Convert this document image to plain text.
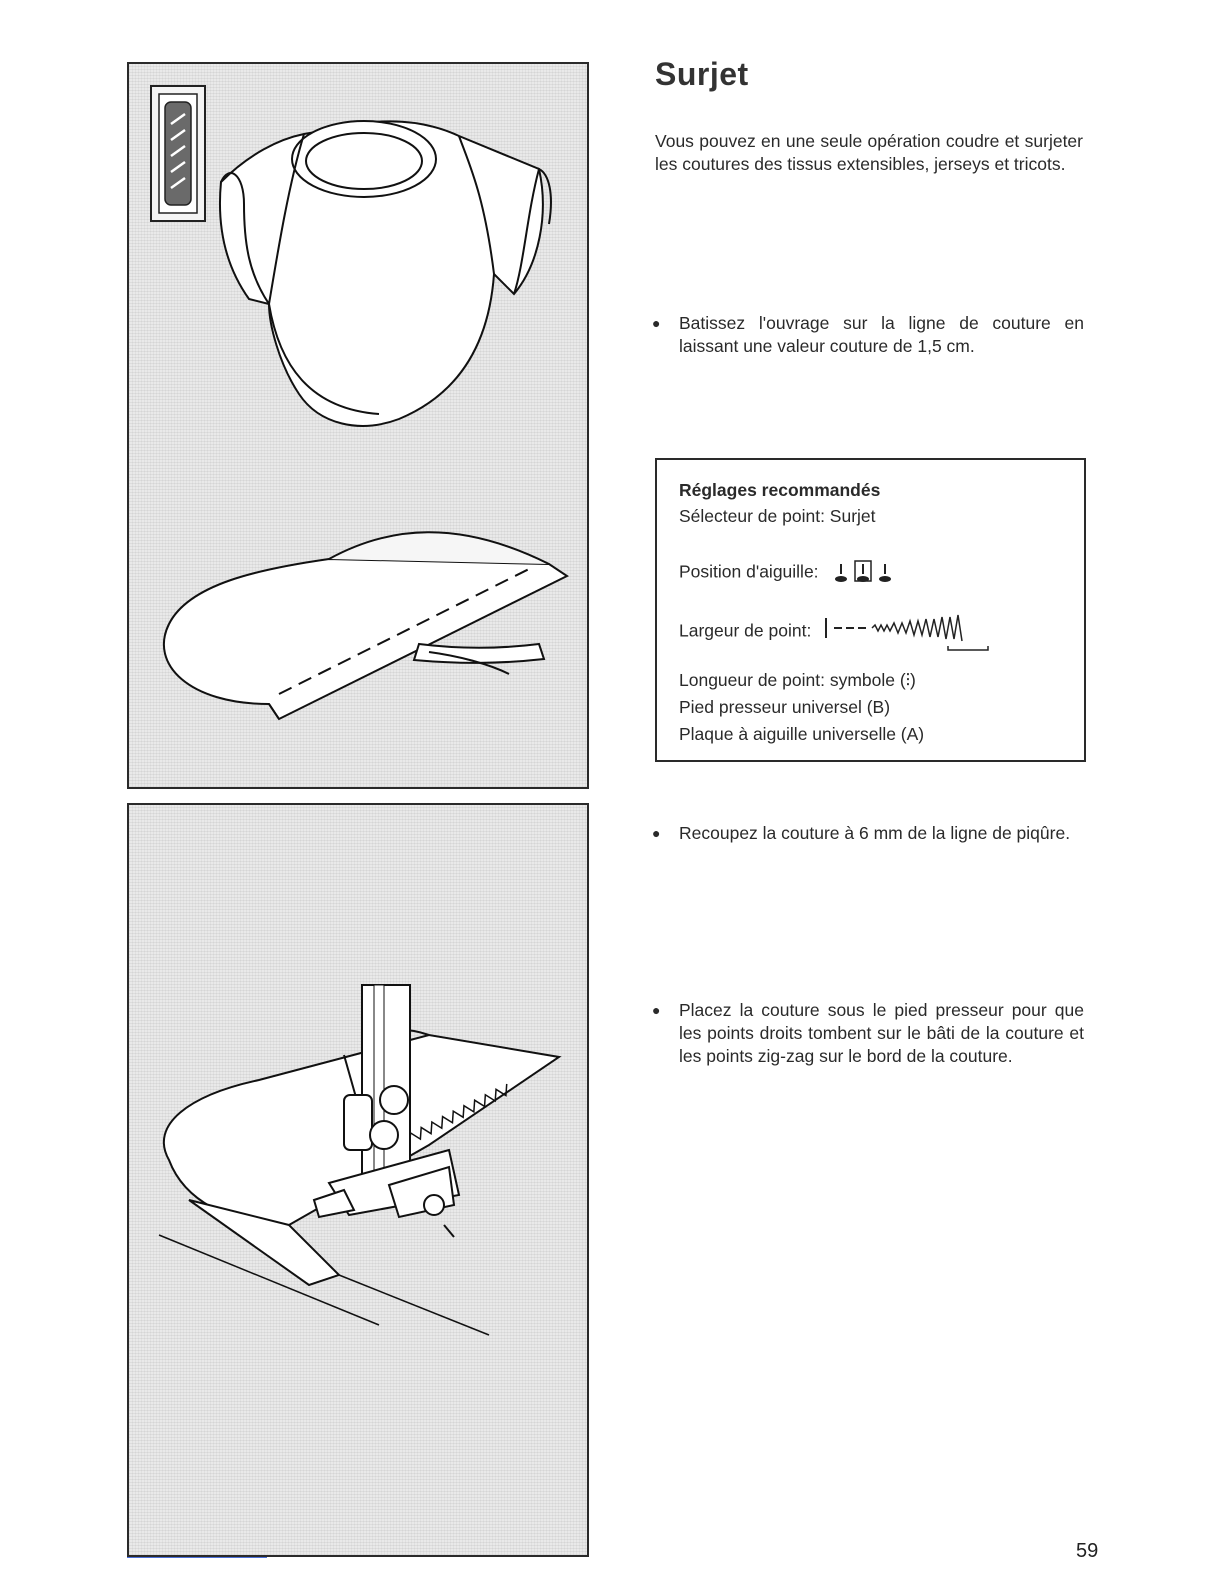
Surjet

Vous pouvez en une seule opération coudre et surjeter les coutures des tissus extensibles, jerseys et tricots.

●	Batissez l'ouvrage sur la ligne de couture en laissant une valeur couture de 1,5 cm.
Réglages recommandés
Sélecteur de point: Surjet
Position d'aiguille:
Largeur de point:
Longueur de point: symbole (⫶)
Pied presseur universel (B)
Plaque à aiguille universelle (A)
●	Recoupez la couture à 6 mm de la ligne de piqûre.
●	Placez la couture sous le pied presseur pour que les points droits tombent sur le bâti de la couture et les points zig-zag sur le bord de la couture.
59
